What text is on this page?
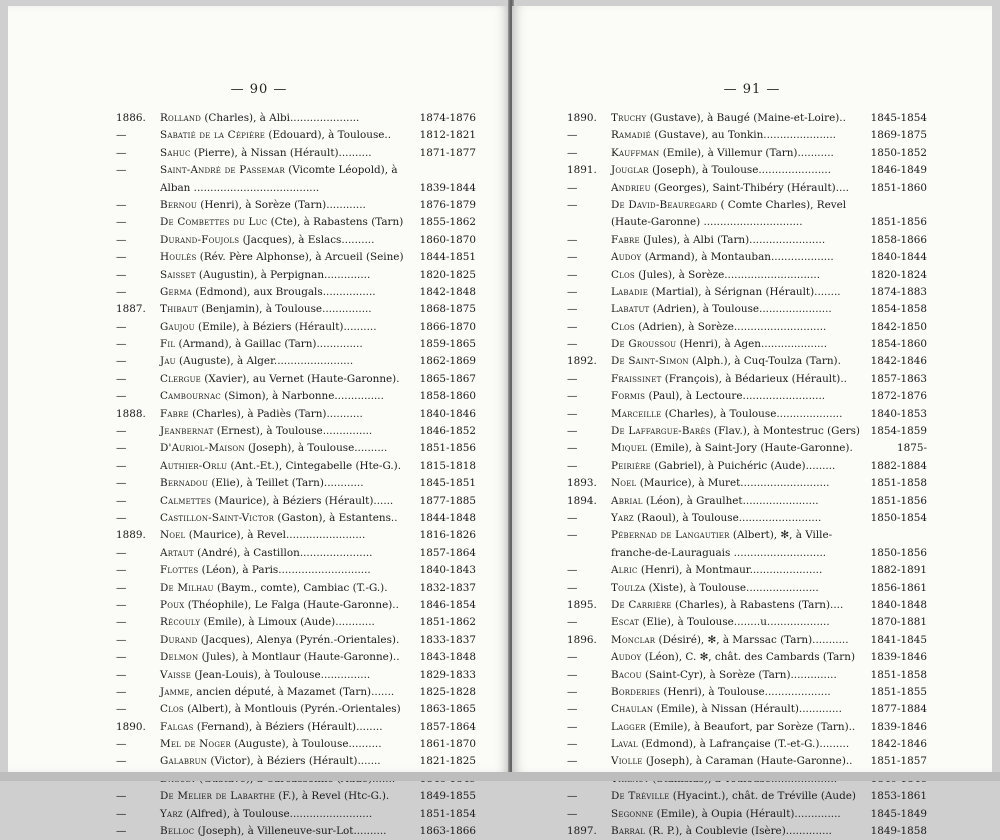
— 90 —
1886.	Rolland (Charles), à Albi.....................	1874-1876
—	Sabatié de la Cépière (Edouard), à Toulouse..	1812-1821
—	Sahuc (Pierre), à Nissan (Hérault)..........	1871-1877
—	Saint-André de Passemar (Vicomte Léopold), à
Alban ......................................	1839-1844
—	Bernou (Henri), à Sorèze (Tarn)............	1876-1879
—	De Combettes du Luc (Cte), à Rabastens (Tarn) 1855-1862
—	Durand-Foujols (Jacques), à Eslacs..........	1860-1870
—	Houlès (Rév. Père Alphonse), à Arcueil (Seine) 1844-1851
—	Saisset (Augustin), à Perpignan..............	1820-1825
—	Germa (Edmond), aux Brougals................	1842-1848
1887.	Thibaut (Benjamin), à Toulouse...............	1868-1875
—	Gaujou (Emile), à Béziers (Hérault)..........	1866-1870
—	Fil (Armand), à Gaillac (Tarn)..............	1859-1865
—	Jau (Auguste), à Alger........................	1862-1869
—	Clergue (Xavier), au Vernet (Haute-Garonne). 1865-1867
—	Cambournac (Simon), à Narbonne...............	1858-1860
1888.	Fabre (Charles), à Padiès (Tarn)...........	1840-1846
—	Jeanbernat (Ernest), à Toulouse...............	1846-1852
—	D'Auriol-Maison (Joseph), à Toulouse..........	1851-1856
—	Authier-Orlu (Ant.-Et.), Cintegabelle (Hte-G.). 1815-1818
—	Bernadou (Elie), à Teillet (Tarn)............	1845-1851
—	Calmettes (Maurice), à Béziers (Hérault)......	1877-1885
—	Castillon-Saint-Victor (Gaston), à Estantens.. 1844-1848
1889.	Noel (Maurice), à Revel........................	1816-1826
—	Artaut (André), à Castillon......................	1857-1864
—	Flottes (Léon), à Paris............................	1840-1843
—	De Milhau (Baym., comte), Cambiac (T.-G.).	1832-1837
—	Poux (Théophile), Le Falga (Haute-Garonne).. 1846-1854
—	Récouly (Emile), à Limoux (Aude)............	1851-1862
—	Durand (Jacques), Alenya (Pyrén.-Orientales). 1833-1837
—	Delmon (Jules), à Montlaur (Haute-Garonne).. 1843-1848
—	Vaisse (Jean-Louis), à Toulouse...............	1829-1833
—	Jamme, ancien député, à Mazamet (Tarn)....... 1825-1828
—	Clos (Albert), à Montlouis (Pyrén.-Orientales) 1863-1865
1890.	Falgas (Fernand), à Béziers (Hérault)........	1857-1864
—	Mel de Noger (Auguste), à Toulouse..........	1861-1870
—	Galabrun (Victor), à Béziers (Hérault).......	1821-1825
—	De Melier de Labarthe (F.), à Revel (Htc-G.).	1849-1855
—	Yarz (Alfred), à Toulouse.........................	1851-1854
—	Belloc (Joseph), à Villeneuve-sur-Lot..........	1863-1866
— 91 —
1890.	Truchy (Gustave), à Baugé (Maine-et-Loire).. 1845-1854
—	Ramadié (Gustave), au Tonkin......................	1869-1875
—	Kauffman (Emile), à Villemur (Tarn)...........	1850-1852
1891.	Jouglar (Joseph), à Toulouse......................	1846-1849
—	Andrieu (Georges), Saint-Thibéry (Hérault).... 1851-1860
—	De David-Beauregard ( Comte Charles), Revel
(Haute-Garonne) ..............................	1851-1856
—	Fabre (Jules), à Albi (Tarn).......................	1858-1866
—	Audoy (Armand), à Montauban...................	1840-1844
—	Clos (Jules), à Sorèze.............................	1820-1824
—	Labadie (Martial), à Sérignan (Hérault)........	1874-1883
—	Labatut (Adrien), à Toulouse......................	1854-1858
—	Clos (Adrien), à Sorèze............................	1842-1850
—	De Groussou (Henri), à Agen....................	1854-1860
1892.	De Saint-Simon (Alph.), à Cuq-Toulza (Tarn).	1842-1846
—	Fraissinet (François), à Bédarieux (Hérault).. 1857-1863
—	Formis (Paul), à Lectoure.........................	1872-1876
—	Marceille (Charles), à Toulouse....................	1840-1853
—	De Laffargue-Barès (Flav.), à Montestruc (Gers) 1854-1859
—	Miquel (Emile), à Saint-Jory (Haute-Garonne).	1875-
—	Peirière (Gabriel), à Puichéric (Aude).........	1882-1884
1893.	Noel (Maurice), à Muret...........................	1851-1858
1894.	Abrial (Léon), à Graulhet.......................	1851-1856
—	Yarz (Raoul), à Toulouse.........................	1850-1854
—	Pébernad de Langautier (Albert), ✻, à Ville-
franche-de-Lauraguais ............................	1850-1856
—	Alric (Henri), à Montmaur......................	1882-1891
—	Toulza (Xiste), à Toulouse......................	1856-1861
1895.	De Carrière (Charles), à Rabastens (Tarn)....	1840-1848
—	Escat (Elie), à Toulouse........u...................	1870-1881
1896.	Monclar (Désiré), ✻, à Marssac (Tarn)........... 1841-1845
—	Audoy (Léon), C. ✻, chât. des Cambards (Tarn) 1839-1846
—	Bacou (Saint-Cyr), à Sorèze (Tarn)..............	1851-1858
—	Borderies (Henri), à Toulouse....................	1851-1855
—	Chaulan (Emile), à Nissan (Hérault).............	1877-1884
—	Lagger (Emile), à Beaufort, par Sorèze (Tarn).. 1839-1846
—	Laval (Edmond), à Lafrançaise (T.-et-G.)......... 1842-1846
—	Violle (Joseph), à Caraman (Haute-Garonne).. 1851-1857
—	De Tréville (Hyacint.), chât. de Tréville (Aude) 1853-1861
—	Segonne (Emile), à Oupia (Hérault)..............	1845-1849
1897.	Barral (R. P.), à Coublevie (Isère)..............	1849-1858
